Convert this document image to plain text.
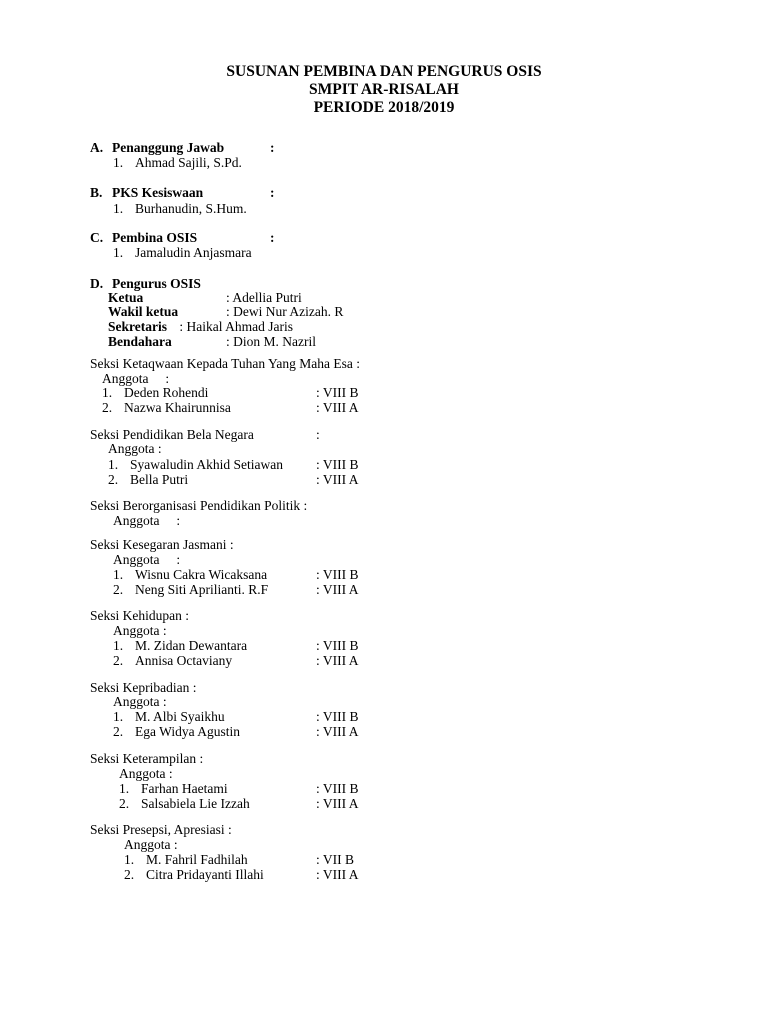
SUSUNAN PEMBINA DAN PENGURUS OSIS
SMPIT AR-RISALAH
PERIODE 2018/2019
A. Penanggung Jawab	:
1. Ahmad Sajili, S.Pd.
B. PKS Kesiswaan	:
1. Burhanudin, S.Hum.
C. Pembina OSIS	:
1. Jamaludin Anjasmara
D. Pengurus OSIS
Ketua	: Adellia Putri
Wakil ketua	: Dewi Nur Azizah. R
Sekretaris : Haikal Ahmad Jaris
Bendahara	: Dion M. Nazril
Seksi Ketaqwaan Kepada Tuhan Yang Maha Esa :
Anggota     :
1. Deden Rohendi	: VIII B
2. Nazwa Khairunnisa	: VIII A
Seksi Pendidikan Bela Negara	:
Anggota :
1. Syawaludin Akhid Setiawan : VIII B
2. Bella Putri	: VIII A
Seksi Berorganisasi Pendidikan Politik :
Anggota     :
Seksi Kesegaran Jasmani :
Anggota     :
1. Wisnu Cakra Wicaksana	: VIII B
2. Neng Siti Aprilianti. R.F	: VIII A
Seksi Kehidupan :
Anggota :
1. M. Zidan Dewantara	: VIII B
2. Annisa Octaviany	: VIII A
Seksi Kepribadian :
Anggota :
1. M. Albi Syaikhu	: VIII B
2. Ega Widya Agustin	: VIII A
Seksi Keterampilan :
Anggota :
1. Farhan Haetami	: VIII B
2. Salsabiela Lie Izzah	: VIII A
Seksi Presepsi, Apresiasi :
Anggota :
1. M. Fahril Fadhilah	: VII B
2. Citra Pridayanti Illahi	: VIII A
